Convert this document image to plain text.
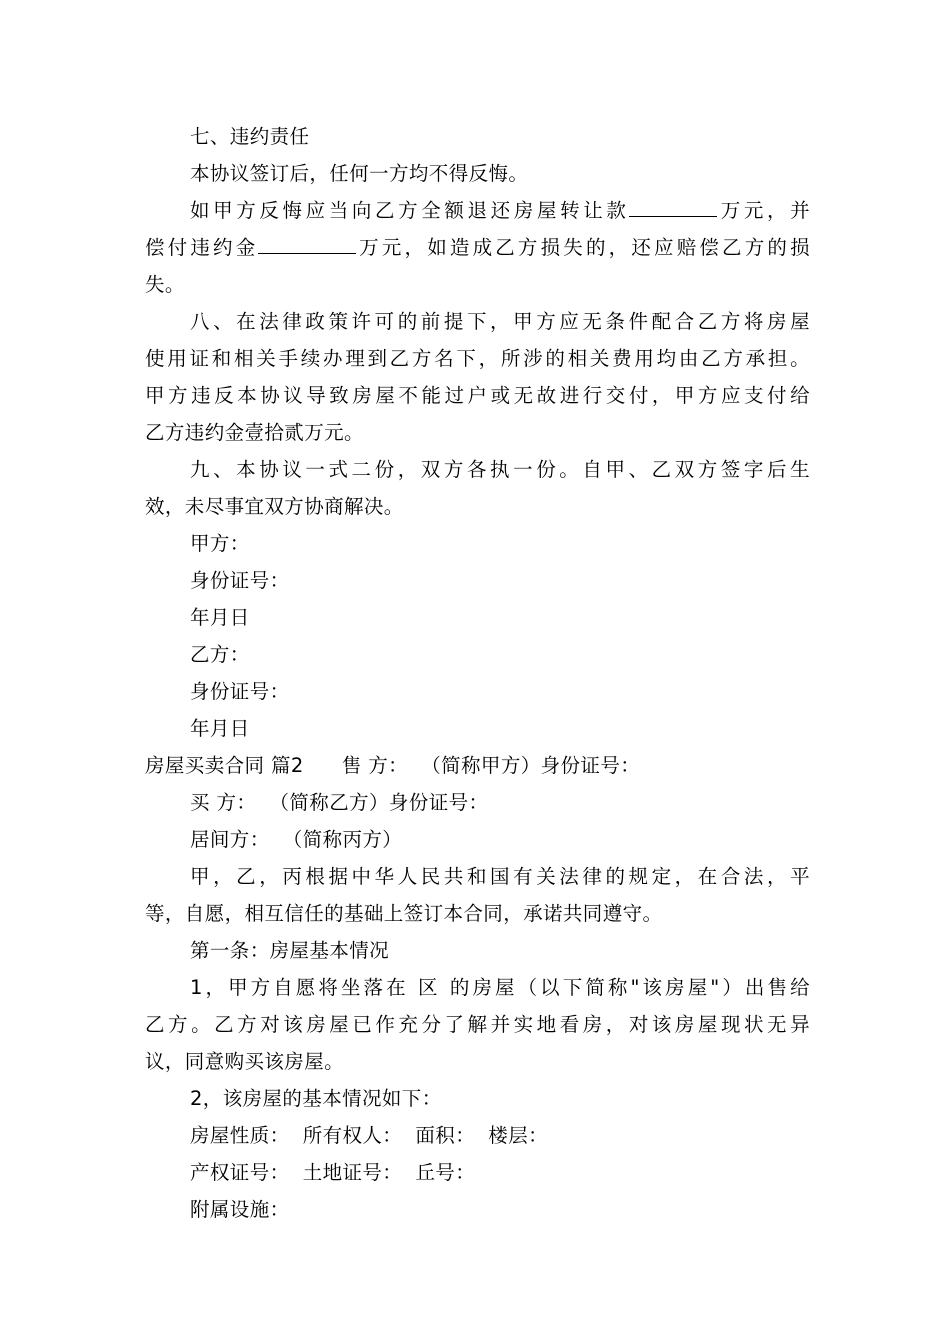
七、违约责任
本协议签订后，任何一方均不得反悔。
如甲方反悔应当向乙方全额退还房屋转让款	万元，并
偿付违约金	万元，如造成乙方损失的，还应赔偿乙方的损
失。
八、在法律政策许可的前提下，甲方应无条件配合乙方将房屋
使用证和相关手续办理到乙方名下，所涉的相关费用均由乙方承担。
甲方违反本协议导致房屋不能过户或无故进行交付，甲方应支付给
乙方违约金壹拾贰万元。
九、本协议一式二份，双方各执一份。自甲、乙双方签字后生
效，未尽事宜双方协商解决。
甲方：
身份证号：
年月日
乙方：
身份证号：
年月日
房屋买卖合同 篇2 售 方：  （简称甲方）身份证号：
买 方：  （简称乙方）身份证号：
居间方：  （简称丙方）
甲，乙，丙根据中华人民共和国有关法律的规定，在合法，平
等，自愿，相互信任的基础上签订本合同，承诺共同遵守。
第一条：房屋基本情况
1，甲方自愿将坐落在 区 的房屋（以下简称"该房屋"）出售给
乙方。乙方对该房屋已作充分了解并实地看房，对该房屋现状无异
议，同意购买该房屋。
2，该房屋的基本情况如下：
房屋性质：  所有权人：  面积：  楼层：
产权证号：  土地证号：  丘号：
附属设施：
